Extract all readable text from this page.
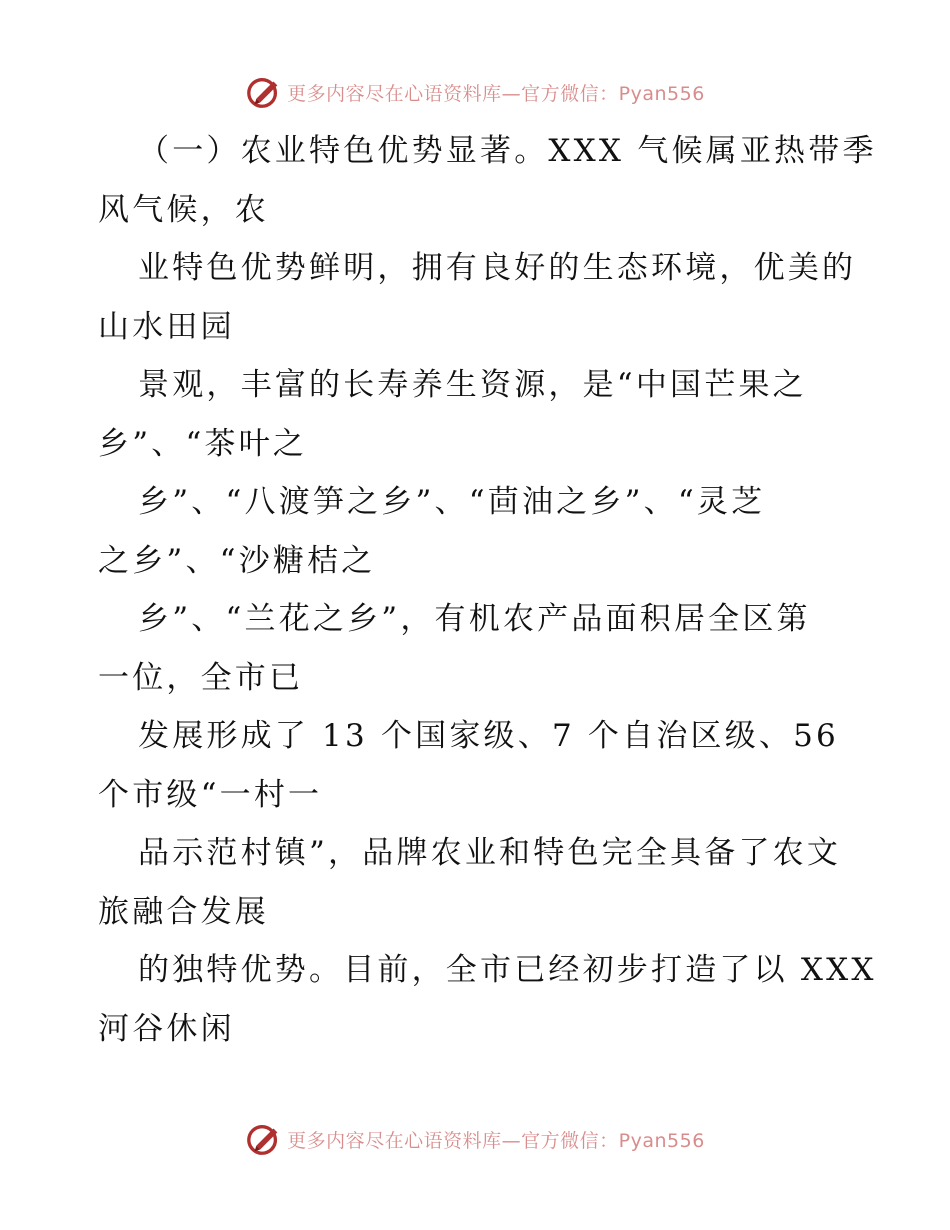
更多内容尽在心语资料库—官方微信：Pyan556
（一）农业特色优势显著。XXX 气候属亚热带季
风气候，农
业特色优势鲜明，拥有良好的生态环境，优美的
山水田园
景观，丰富的长寿养生资源，是“中国芒果之
乡”、“茶叶之
乡”、“八渡笋之乡”、“茴油之乡”、“灵芝
之乡”、“沙糖桔之
乡”、“兰花之乡”，有机农产品面积居全区第
一位，全市已
发展形成了 13 个国家级、7 个自治区级、56
个市级“一村一
品示范村镇”，品牌农业和特色完全具备了农文
旅融合发展
的独特优势。目前，全市已经初步打造了以 XXX
河谷休闲
更多内容尽在心语资料库—官方微信：Pyan556
